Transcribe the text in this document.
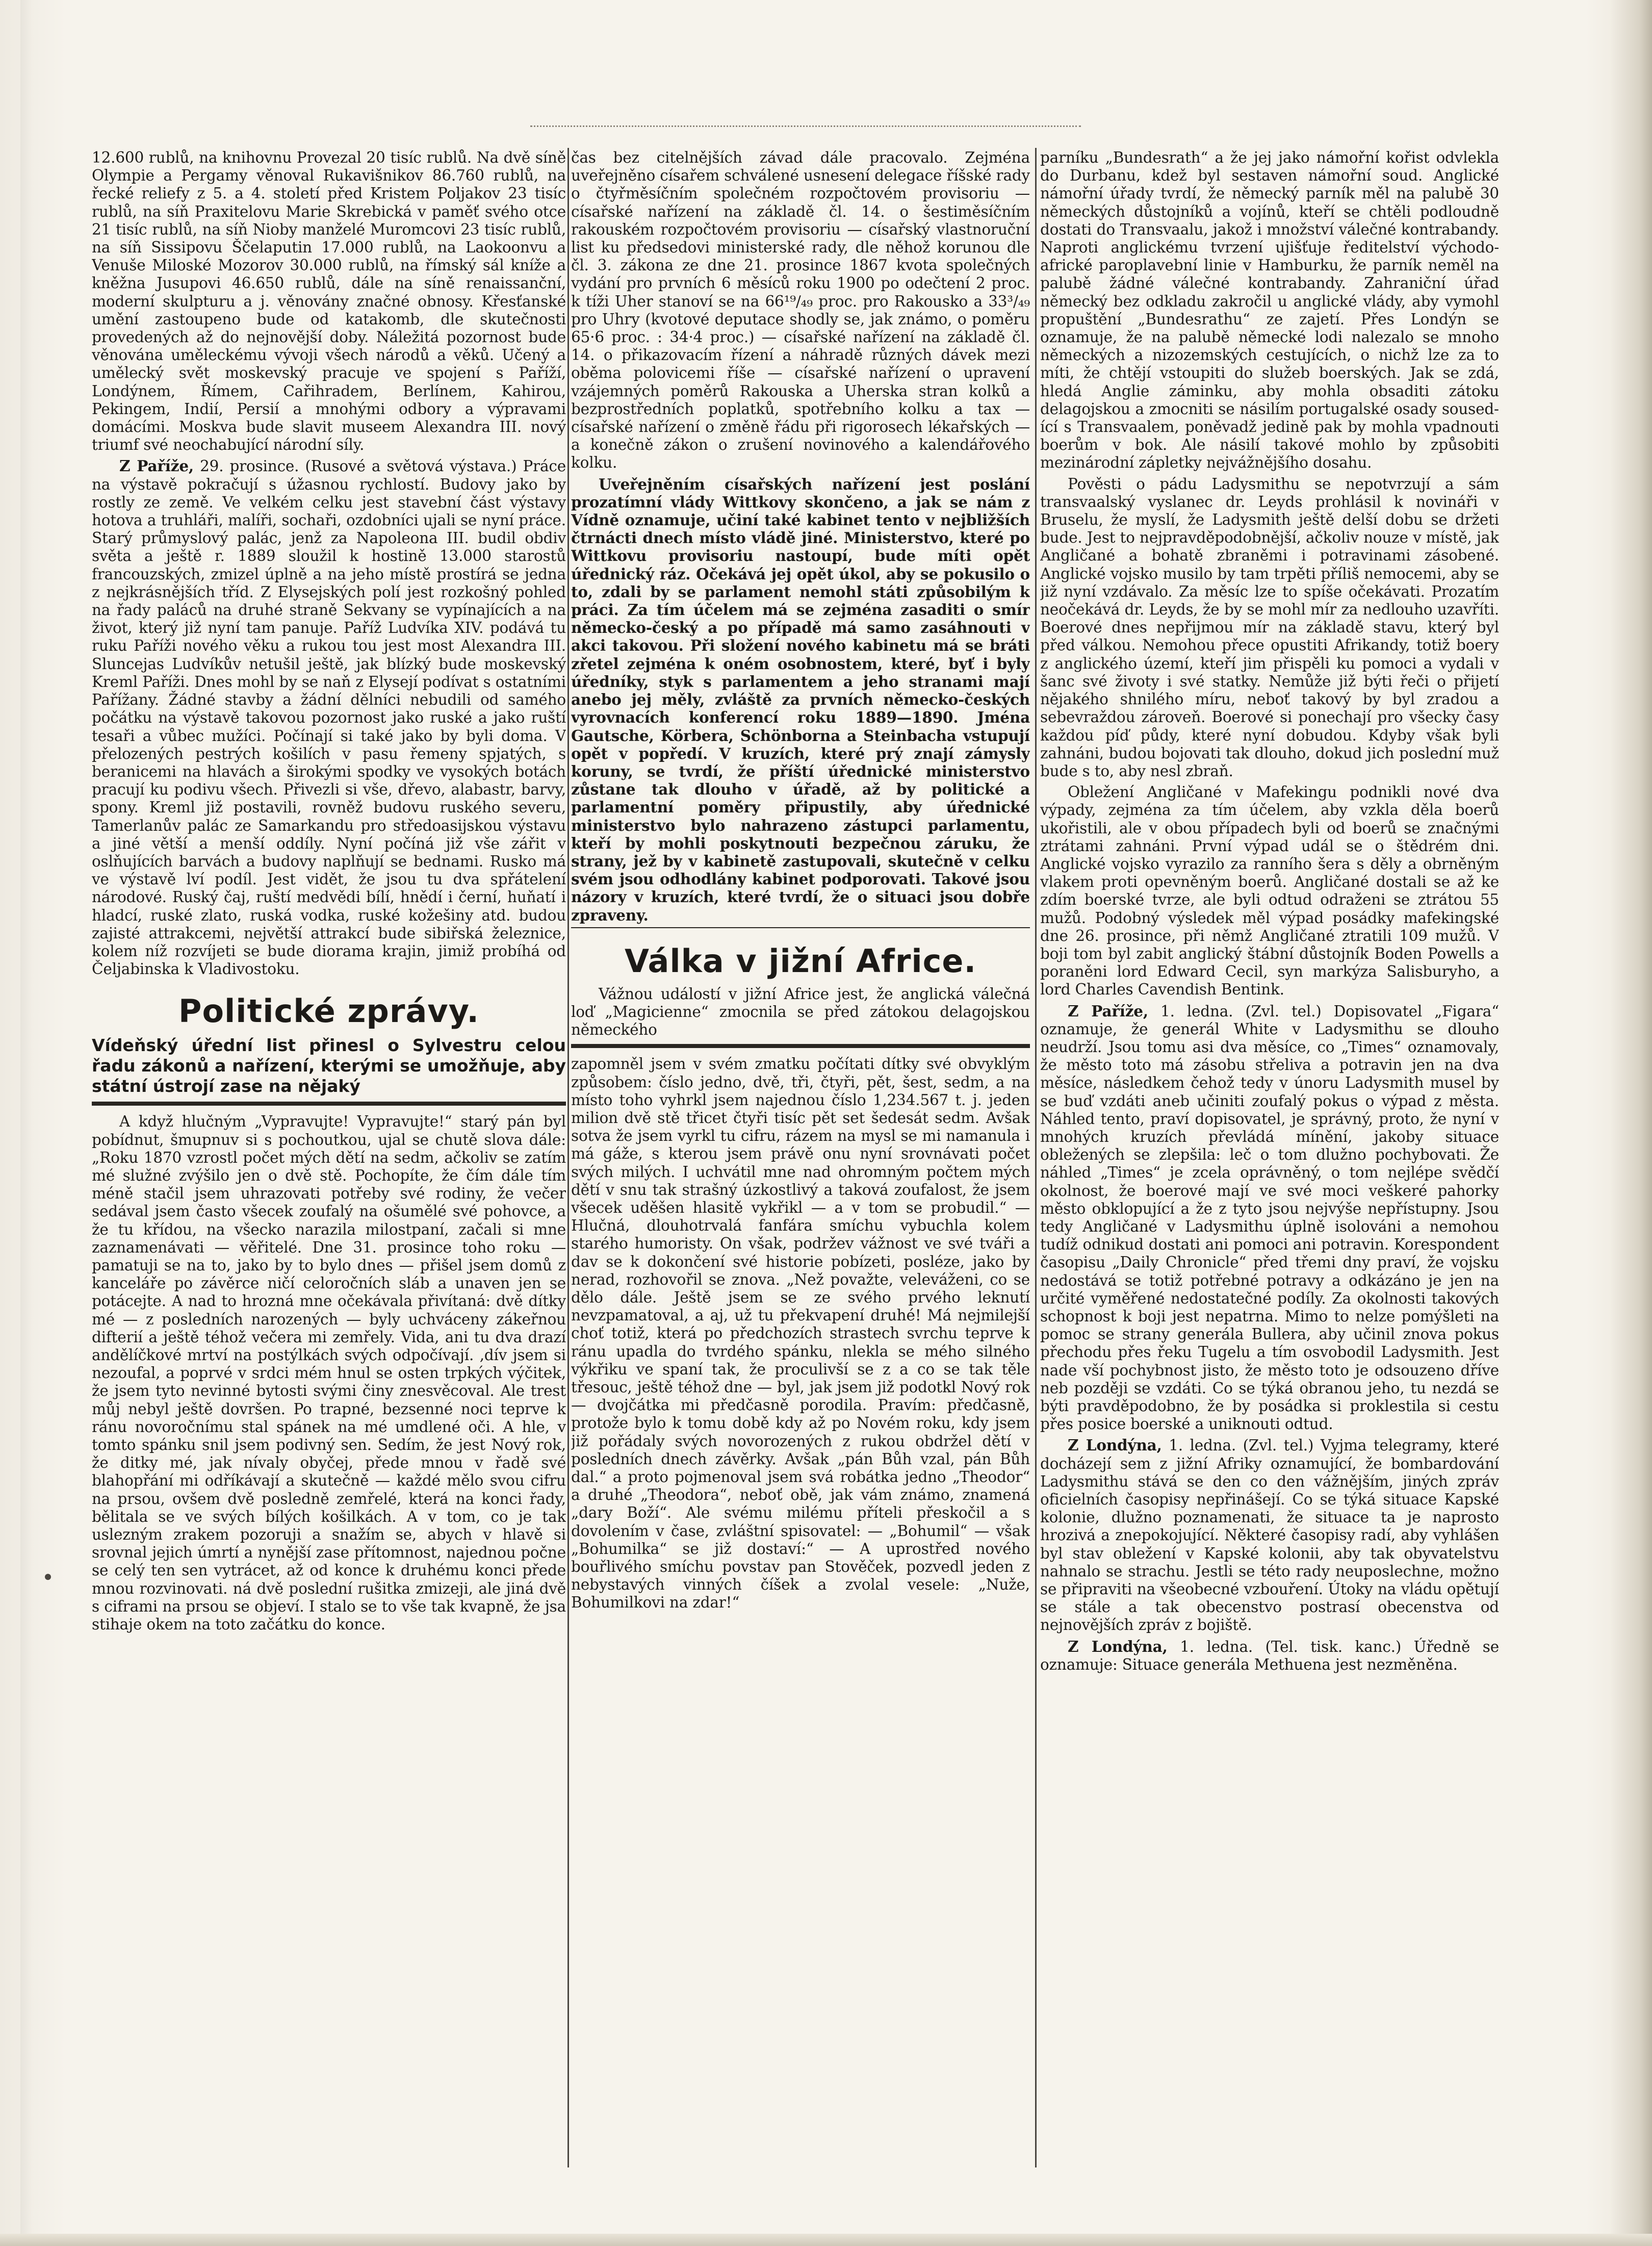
12.600 rublů, na knihovnu Provezal 20 tisíc rublů. Na dvě síně Olympie a Pergamy věnoval Rukavišnikov 86.760 rublů, na řecké reliefy z 5. a 4. století před Kristem Poljakov 23 tisíc rublů, na síň Praxitelovu Marie Skrebická v paměť svého otce 21 tisíc rublů, na síň Nioby manželé Muromcovi 23 tisíc rublů, na síň Sissipovu Ščelaputin 17.000 rublů, na Laokoonvu a Venuše Miloské Mozorov 30.000 rublů, na římský sál kníže a kněžna Jusupovi 46.650 rublů, dále na síně renaissanční, moderní skulpturu a j. věnovány značné obnosy. Křesťanské umění zastoupeno bude od katakomb, dle skutečnosti provedených až do nejnovější doby. Náležitá pozornost bude věnována uměleckému vývoji všech národů a věků. Učený a umělecký svět moskevský pracuje ve spojení s Paříží, Londýnem, Římem, Cařihradem, Berlínem, Kahirou, Pekingem, Indií, Persií a mnohými odbory a výpravami domácími. Moskva bude slavit museem Alexandra III. nový triumf své neochabující národní síly.

Z Paříže, 29. prosince. (Rusové a světová výstava.) Práce na výstavě pokračují s úžasnou rychlostí. Budovy jako by rostly ze země. Ve velkém celku jest stavební část výstavy hotova a truhláři, malíři, sochaři, ozdobníci ujali se nyní práce. Starý průmyslový palác, jenž za Napoleona III. budil obdiv světa a ještě r. 1889 sloužil k hostině 13.000 starostů francouzských, zmizel úplně a na jeho místě prostírá se jedna z nejkrásnějších tříd. Z Elysejských polí jest rozkošný pohled na řady paláců na druhé straně Sekvany se vypínajících a na život, který již nyní tam panuje. Paříž Ludvíka XIV. podává tu ruku Paříži nového věku a rukou tou jest most Alexandra III. Sluncejas Ludvíkův netušil ještě, jak blízký bude moskevský Kreml Paříži. Dnes mohl by se naň z Elysejí podívat s ostatními Pařížany. Žádné stavby a žádní dělníci nebudili od samého počátku na výstavě takovou pozornost jako ruské a jako ruští tesaři a vůbec mužíci. Počínají si také jako by byli doma. V přelozených pestrých košilích v pasu řemeny spjatých, s beranicemi na hlavách a širokými spodky ve vysokých botách pracují ku podivu všech. Přivezli si vše, dřevo, alabastr, barvy, spony. Kreml již postavili, rovněž budovu ruského severu, Tamerlanův palác ze Samarkandu pro středoasijskou výstavu a jiné větší a menší oddíly. Nyní počíná již vše zářit v oslňujících barvách a budovy naplňují se bednami. Rusko má ve výstavě lví podíl. Jest vidět, že jsou tu dva spřátelení národové. Ruský čaj, ruští medvědi bílí, hnědí i černí, huňatí i hladcí, ruské zlato, ruská vodka, ruské kožešiny atd. budou zajisté attrakcemi, největší attrakcí bude sibiřská železnice, kolem níž rozvíjeti se bude diorama krajin, jimiž probíhá od Čeljabinska k Vladivostoku.

Politické zprávy.
Vídeňský úřední list přinesl o Sylvestru celou řadu zákonů a nařízení, kterými se umožňuje, aby státní ústrojí zase na nějaký

A když hlučným „Vypravujte! Vypravujte!“ starý pán byl pobídnut, šmupnuv si s pochoutkou, ujal se chutě slova dále: „Roku 1870 vzrostl počet mých dětí na sedm, ačkoliv se zatím mé služné zvýšilo jen o dvě stě. Pochopíte, že čím dále tím méně stačil jsem uhrazovati potřeby své rodiny, že večer sedával jsem často všecek zoufalý na ošumělé své pohovce, a že tu křídou, na všecko narazila milostpaní, začali si mne zaznamenávati — věřitelé. Dne 31. prosince toho roku — pamatuji se na to, jako by to bylo dnes — přišel jsem domů z kanceláře po závěrce ničí celoročních sláb a unaven jen se potácejte. A nad to hrozná mne očekávala přivítaná: dvě dítky mé — z posledních narozených — byly uchváceny zákeřnou difterií a ještě téhož večera mi zemřely. Vida, ani tu dva drazí andělíčkové mrtví na postýlkách svých odpočívají. ‚dív jsem si nezoufal, a poprvé v srdci mém hnul se osten trpkých výčitek, že jsem tyto nevinné bytosti svými činy znesvěcoval. Ale trest můj nebyl ještě dovršen. Po trapné, bezsenné noci teprve k ránu novoročnímu stal spánek na mé umdlené oči. A hle, v tomto spánku snil jsem podivný sen. Sedím, že jest Nový rok, že ditky mé, jak nívaly obyčej, přede mnou v řadě své blahopřání mi odříkávají a skutečně — každé mělo svou cifru na prsou, ovšem dvě posledně zemřelé, která na konci řady, bělitala se ve svých bílých košilkách. A v tom, co je tak uslezným zrakem pozoruji a snažím se, abych v hlavě si srovnal jejich úmrtí a nynější zase přítomnost, najednou počne se celý ten sen vytrácet, až od konce k druhému konci přede mnou rozvinovati. ná dvě poslední rušitka zmizeji, ale jiná dvě s ciframi na prsou se objeví. I stalo se to vše tak kvapně, že jsa stihaje okem na toto začátku do konce.

čas bez citelnějších závad dále pracovalo. Zejména uveřejněno císařem schválené usnesení delegace říšské rady o čtyřměsíčním společném rozpočtovém provisoriu — císařské nařízení na základě čl. 14. o šestiměsíčním rakouském rozpočtovém provisoriu — císařský vlastnoruční list ku předsedovi ministerské rady, dle něhož korunou dle čl. 3. zákona ze dne 21. prosince 1867 kvota společných vydání pro prvních 6 měsíců roku 1900 po odečtení 2 proc. k tíži Uher stanoví se na 66¹⁹/₄₉ proc. pro Rakousko a 33³/₄₉ pro Uhry (kvotové deputace shodly se, jak známo, o poměru 65·6 proc. : 34·4 proc.) — císařské nařízení na základě čl. 14. o přikazovacím řízení a náhradě různých dávek mezi oběma polovicemi říše — císařské nařízení o upravení vzájemných poměrů Rakouska a Uherska stran kolků a bezprostředních poplatků, spotřebního kolku a tax — císařské nařízení o změně řádu při rigorosech lékařských — a konečně zákon o zrušení novinového a kalendářového kolku.

Uveřejněním císařských nařízení jest poslání prozatímní vlády Wittkovy skončeno, a jak se nám z Vídně oznamuje, učiní také kabinet tento v nejbližších čtrnácti dnech místo vládě jiné. Ministerstvo, které po Wittkovu provisoriu nastoupí, bude míti opět úřednický ráz. Očekává jej opět úkol, aby se pokusilo o to, zdali by se parlament nemohl státi způsobilým k práci. Za tím účelem má se zejména zasaditi o smír německo-český a po případě má samo zasáhnouti v akci takovou. Při složení nového kabinetu má se bráti zřetel zejména k oném osobnostem, které, byť i byly úředníky, styk s parlamentem a jeho stranami mají anebo jej měly, zvláště za prvních německo-českých vyrovnacích konferencí roku 1889—1890. Jména Gautsche, Körbera, Schönborna a Steinbacha vstupují opět v popředí. V kruzích, které prý znají zámysly koruny, se tvrdí, že příští úřednické ministerstvo zůstane tak dlouho v úřadě, až by politické a parlamentní poměry připustily, aby úřednické ministerstvo bylo nahrazeno zástupci parlamentu, kteří by mohli poskytnouti bezpečnou záruku, že strany, jež by v kabinetě zastupovali, skutečně v celku svém jsou odhodlány kabinet podporovati. Takové jsou názory v kruzích, které tvrdí, že o situaci jsou dobře zpraveny.

Válka v jižní Africe.

Vážnou událostí v jižní Africe jest, že anglická válečná loď „Magicienne“ zmocnila se před zátokou delagojskou německého

zapomněl jsem v svém zmatku počítati dítky své obvyklým způsobem: číslo jedno, dvě, tři, čtyři, pět, šest, sedm, a na místo toho vyhrkl jsem najednou číslo 1,234.567 t. j. jeden milion dvě stě třicet čtyři tisíc pět set šedesát sedm. Avšak sotva že jsem vyrkl tu cifru, rázem na mysl se mi namanula i má gáže, s kterou jsem právě onu nyní srovnávati počet svých milých. I uchvátil mne nad ohromným počtem mých dětí v snu tak strašný úzkostlivý a taková zoufalost, že jsem všecek uděšen hlasitě vykřikl — a v tom se probudil.“ — Hlučná, dlouhotrvalá fanfára smíchu vybuchla kolem starého humoristy. On však, podržev vážnost ve své tváři a dav se k dokončení své historie pobízeti, posléze, jako by nerad, rozhovořil se znova. „Než považte, veleváženi, co se dělo dále. Ještě jsem se ze svého prvého leknutí nevzpamatoval, a aj, už tu překvapení druhé! Má nejmilejší choť totiž, která po předchozích strastech svrchu teprve k ránu upadla do tvrdého spánku, nlekla se mého silného výkřiku ve spaní tak, že proculivší se z a co se tak těle třesouc, ještě téhož dne — byl, jak jsem již podotkl Nový rok — dvojčátka mi předčasně porodila. Pravím: předčasně, protože bylo k tomu době kdy až po Novém roku, kdy jsem již pořádaly svých novorozených z rukou obdržel dětí v posledních dnech závěrky. Avšak „pán Bůh vzal, pán Bůh dal.“ a proto pojmenoval jsem svá robátka jedno „Theodor“ a druhé „Theodora“, neboť obě, jak vám známo, znamená „dary Boží“. Ale svému milému příteli přeskočil a s dovolením v čase, zvláštní spisovatel: — „Bohumil“ — však „Bohumilka“ se již dostaví:“ — A uprostřed nového bouřlivého smíchu povstav pan Stověček, pozvedl jeden z nebystavých vinných číšek a zvolal vesele: „Nuže, Bohumilkovi na zdar!“

parníku „Bundesrath“ a že jej jako námořní kořist odvlekla do Durbanu, kdež byl sestaven námořní soud. Anglické námořní úřady tvrdí, že německý parník měl na palubě 30 německých důstojníků a vojínů, kteří se chtěli podloudně dostati do Transvaalu, jakož i množství válečné kontrabandy. Naproti anglickému tvrzení ujišťuje ředitelství východo-africké paroplavební linie v Hamburku, že parník neměl na palubě žádné válečné kontrabandy. Zahraniční úřad německý bez odkladu zakročil u anglické vlády, aby vymohl propuštění „Bundesrathu“ ze zajetí. Přes Londýn se oznamuje, že na palubě německé lodi nalezalo se mnoho německých a nizozemských cestujících, o nichž lze za to míti, že chtějí vstoupiti do služeb boerských. Jak se zdá, hledá Anglie záminku, aby mohla obsaditi zátoku delagojskou a zmocniti se násilím portugalské osady sousedící s Transvaalem, poněvadž jedině pak by mohla vpadnouti boerům v bok. Ale násilí takové mohlo by způsobiti mezinárodní zápletky nejvážnějšího dosahu.

Pověsti o pádu Ladysmithu se nepotvrzují a sám transvaalský vyslanec dr. Leyds prohlásil k novináři v Bruselu, že myslí, že Ladysmith ještě delší dobu se držeti bude. Jest to nejpravděpodobnější, ačkoliv nouze v místě, jak Angličané a bohatě zbraněmi i potravinami zásobené. Anglické vojsko musilo by tam trpěti příliš nemocemi, aby se již nyní vzdávalo. Za měsíc lze to spíše očekávati. Prozatím neočekává dr. Leyds, že by se mohl mír za nedlouho uzavříti. Boerové dnes nepřijmou mír na základě stavu, který byl před válkou. Nemohou přece opustiti Afrikandy, totiž boery z anglického území, kteří jim přispěli ku pomoci a vydali v šanc své životy i své statky. Nemůže již býti řeči o přijetí nějakého shnilého míru, neboť takový by byl zradou a sebevraždou zároveň. Boerové si ponechají pro všecky časy každou píď půdy, které nyní dobudou. Kdyby však byli zahnáni, budou bojovati tak dlouho, dokud jich poslední muž bude s to, aby nesl zbraň.

Obležení Angličané v Mafekingu podnikli nové dva výpady, zejména za tím účelem, aby vzkla děla boerů ukořistili, ale v obou případech byli od boerů se značnými ztrátami zahnáni. První výpad udál se o štědrém dni. Anglické vojsko vyrazilo za ranního šera s děly a obrněným vlakem proti opevněným boerů. Angličané dostali se až ke zdím boerské tvrze, ale byli odtud odraženi se ztrátou 55 mužů. Podobný výsledek měl výpad posádky mafekingské dne 26. prosince, při němž Angličané ztratili 109 mužů. V boji tom byl zabit anglický štábní důstojník Boden Powells a poraněni lord Edward Cecil, syn markýza Salisburyho, a lord Charles Cavendish Bentink.

Z Paříže, 1. ledna. (Zvl. tel.) Dopisovatel „Figara“ oznamuje, že generál White v Ladysmithu se dlouho neudrží. Jsou tomu asi dva měsíce, co „Times“ oznamovaly, že město toto má zásobu střeliva a potravin jen na dva měsíce, následkem čehož tedy v únoru Ladysmith musel by se buď vzdáti aneb učiniti zoufalý pokus o výpad z města. Náhled tento, praví dopisovatel, je správný, proto, že nyní v mnohých kruzích převládá mínění, jakoby situace obležených se zlepšila: leč o tom dlužno pochybovati. Že náhled „Times“ je zcela oprávněný, o tom nejlépe svědčí okolnost, že boerové mají ve své moci veškeré pahorky město obklopující a že z tyto jsou nejvýše nepřístupny. Jsou tedy Angličané v Ladysmithu úplně isolováni a nemohou tudíž odnikud dostati ani pomoci ani potravin. Korespondent časopisu „Daily Chronicle“ před třemi dny praví, že vojsku nedostává se totiž potřebné potravy a odkázáno je jen na určité vyměřené nedostatečné podíly. Za okolnosti takových schopnost k boji jest nepatrna. Mimo to nelze pomýšleti na pomoc se strany generála Bullera, aby učinil znova pokus přechodu přes řeku Tugelu a tím osvobodil Ladysmith. Jest nade vší pochybnost jisto, že město toto je odsouzeno dříve neb později se vzdáti. Co se týká obranou jeho, tu nezdá se býti pravděpodobno, že by posádka si proklestila si cestu přes posice boerské a uniknouti odtud.

Z Londýna, 1. ledna. (Zvl. tel.) Vyjma telegramy, které docházejí sem z jižní Afriky oznamující, že bombardování Ladysmithu stává se den co den vážnějším, jiných zpráv oficielních časopisy nepřinášejí. Co se týká situace Kapské kolonie, dlužno poznamenati, že situace ta je naprosto hrozivá a znepokojující. Některé časopisy radí, aby vyhlášen byl stav obležení v Kapské kolonii, aby tak obyvatelstvu nahnalo se strachu. Jestli se této rady neuposlechne, možno se připraviti na všeobecné vzbouření. Útoky na vládu opětují se stále a tak obecenstvo postrasí obecenstva od nejnovějších zpráv z bojiště.

Z Londýna, 1. ledna. (Tel. tisk. kanc.) Úředně se oznamuje: Situace generála Methuena jest nezměněna.
